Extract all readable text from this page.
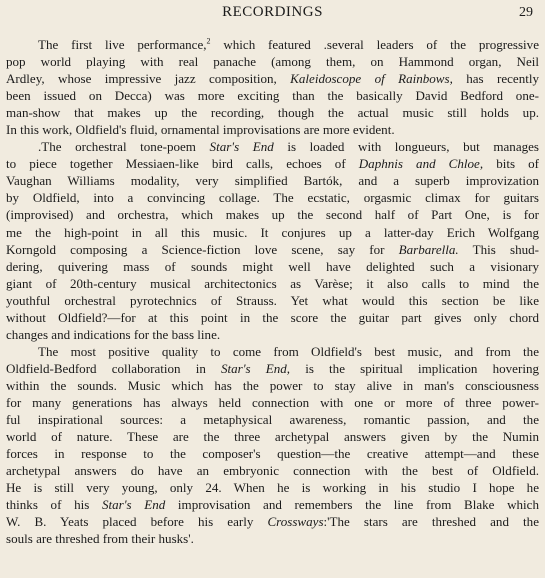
RECORDINGS	29
The first live performance,$^2$ which featured .several leaders of the progressive
pop world playing with real panache (among them, on Hammond organ, Neil
Ardley, whose impressive jazz composition, Kaleidoscope of Rainbows, has recently
been issued on Decca) was more exciting than the basically David Bedford one-
man-show that makes up the recording, though the actual music still holds up.
In this work, Oldfield's fluid, ornamental improvisations are more evident.
.The orchestral tone-poem Star's End is loaded with longueurs, but manages
to piece together Messiaen-like bird calls, echoes of Daphnis and Chloe, bits of
Vaughan Williams modality, very simplified Bartók, and a superb improvization
by Oldfield, into a convincing collage. The ecstatic, orgasmic climax for guitars
(improvised) and orchestra, which makes up the second half of Part One, is for
me the high-point in all this music. It conjures up a latter-day Erich Wolfgang
Korngold composing a Science-fiction love scene, say for Barbarella. This shud-
dering, quivering mass of sounds might well have delighted such a visionary
giant of 20th-century musical architectonics as Varèse; it also calls to mind the
youthful orchestral pyrotechnics of Strauss. Yet what would this section be like
without Oldfield?—for at this point in the score the guitar part gives only chord
changes and indications for the bass line.
The most positive quality to come from Oldfield's best music, and from the
Oldfield-Bedford collaboration in Star's End, is the spiritual implication hovering
within the sounds. Music which has the power to stay alive in man's consciousness
for many generations has always held connection with one or more of three power-
ful inspirational sources: a metaphysical awareness, romantic passion, and the
world of nature. These are the three archetypal answers given by the Numin
forces in response to the composer's question—the creative attempt—and these
archetypal answers do have an embryonic connection with the best of Oldfield.
He is still very young, only 24. When he is working in his studio I hope he
thinks of his Star's End improvisation and remembers the line from Blake which
W. B. Yeats placed before his early Crossways:'The stars are threshed and the
souls are threshed from their husks'.
